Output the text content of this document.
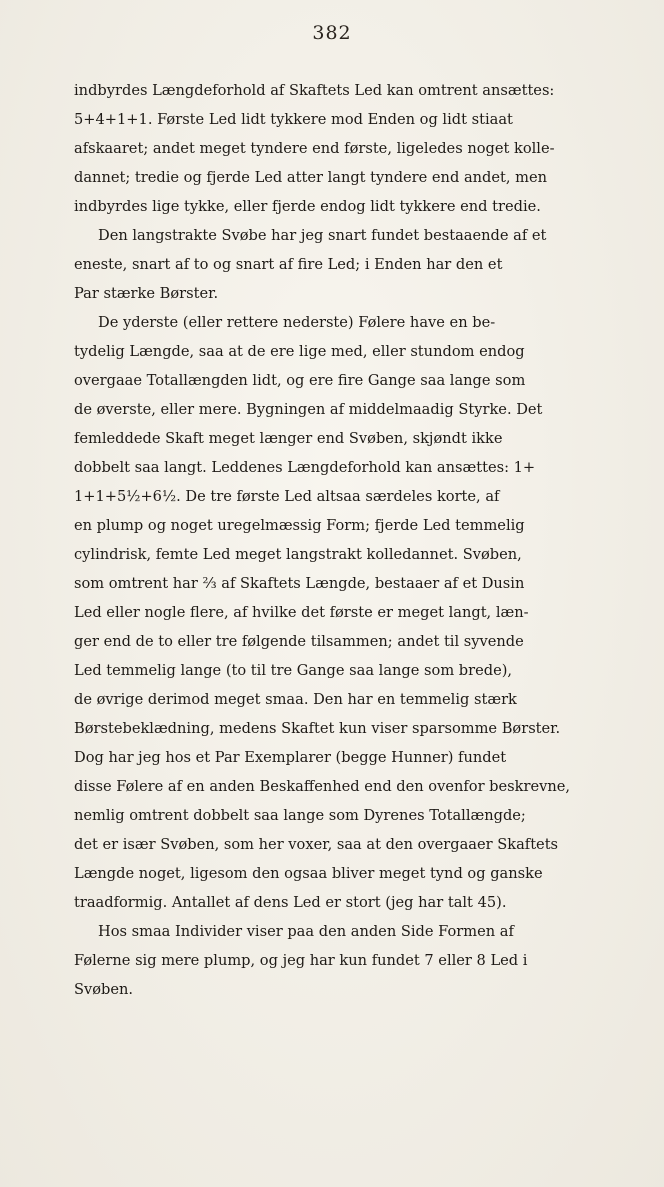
382
indbyrdes Længdeforhold af Skaftets Led kan omtrent ansættes:
5+4+1+1. Første Led lidt tykkere mod Enden og lidt stiaat
afskaaret; andet meget tyndere end første, ligeledes noget kolle-
dannet; tredie og fjerde Led atter langt tyndere end andet, men
indbyrdes lige tykke, eller fjerde endog lidt tykkere end tredie.
Den langstrakte Svøbe har jeg snart fundet bestaaende af et
eneste, snart af to og snart af fire Led; i Enden har den et
Par stærke Børster.
De yderste (eller rettere nederste) Følere have en be-
tydelig Længde, saa at de ere lige med, eller stundom endog
overgaae Totallængden lidt, og ere fire Gange saa lange som
de øverste, eller mere. Bygningen af middelmaadig Styrke. Det
femleddede Skaft meget længer end Svøben, skjøndt ikke
dobbelt saa langt. Leddenes Længdeforhold kan ansættes: 1+
1+1+5½+6½. De tre første Led altsaa særdeles korte, af
en plump og noget uregelmæssig Form; fjerde Led temmelig
cylindrisk, femte Led meget langstrakt kolledannet. Svøben,
som omtrent har ⅔ af Skaftets Længde, bestaaer af et Dusin
Led eller nogle flere, af hvilke det første er meget langt, læn-
ger end de to eller tre følgende tilsammen; andet til syvende
Led temmelig lange (to til tre Gange saa lange som brede),
de øvrige derimod meget smaa. Den har en temmelig stærk
Børstebeklædning, medens Skaftet kun viser sparsomme Børster.
Dog har jeg hos et Par Exemplarer (begge Hunner) fundet
disse Følere af en anden Beskaffenhed end den ovenfor beskrevne,
nemlig omtrent dobbelt saa lange som Dyrenes Totallængde;
det er især Svøben, som her voxer, saa at den overgaaer Skaftets
Længde noget, ligesom den ogsaa bliver meget tynd og ganske
traadformig. Antallet af dens Led er stort (jeg har talt 45).
Hos smaa Individer viser paa den anden Side Formen af
Følerne sig mere plump, og jeg har kun fundet 7 eller 8 Led i
Svøben.
